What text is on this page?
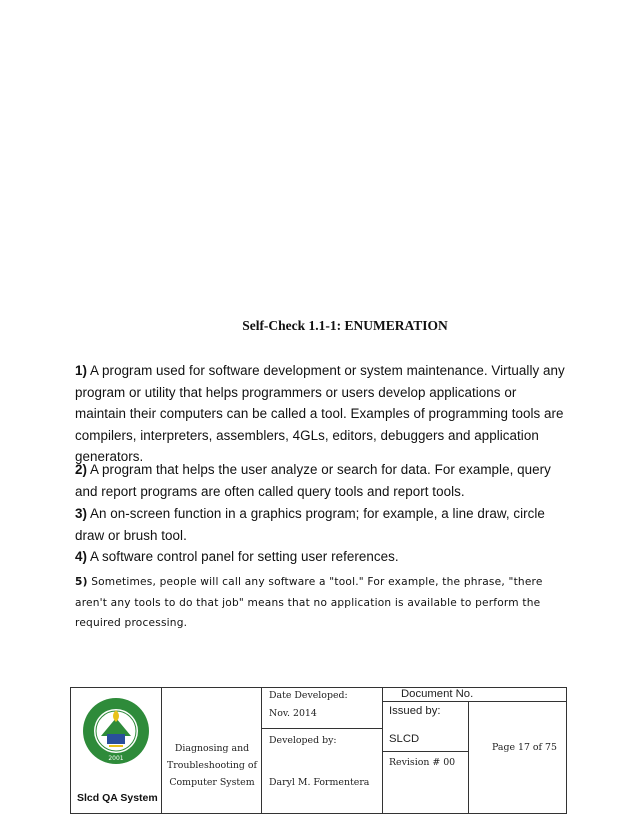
Self-Check 1.1-1: ENUMERATION
1) A program used for software development or system maintenance. Virtually any program or utility that helps programmers or users develop applications or maintain their computers can be called a tool. Examples of programming tools are compilers, interpreters, assemblers, 4GLs, editors, debuggers and application generators.
2) A program that helps the user analyze or search for data. For example, query and report programs are often called query tools and report tools.
3) An on-screen function in a graphics program; for example, a line draw, circle draw or brush tool.
4) A software control panel for setting user references.
5) Sometimes, people will call any software a "tool." For example, the phrase, "there aren't any tools to do that job" means that no application is available to perform the required processing.
2001
Slcd QA System
Diagnosing and Troubleshooting of Computer System
Date Developed:
Nov. 2014
Developed by:
Daryl M. Formentera
Document No.
Issued by:
SLCD
Revision # 00
Page 17 of 75
